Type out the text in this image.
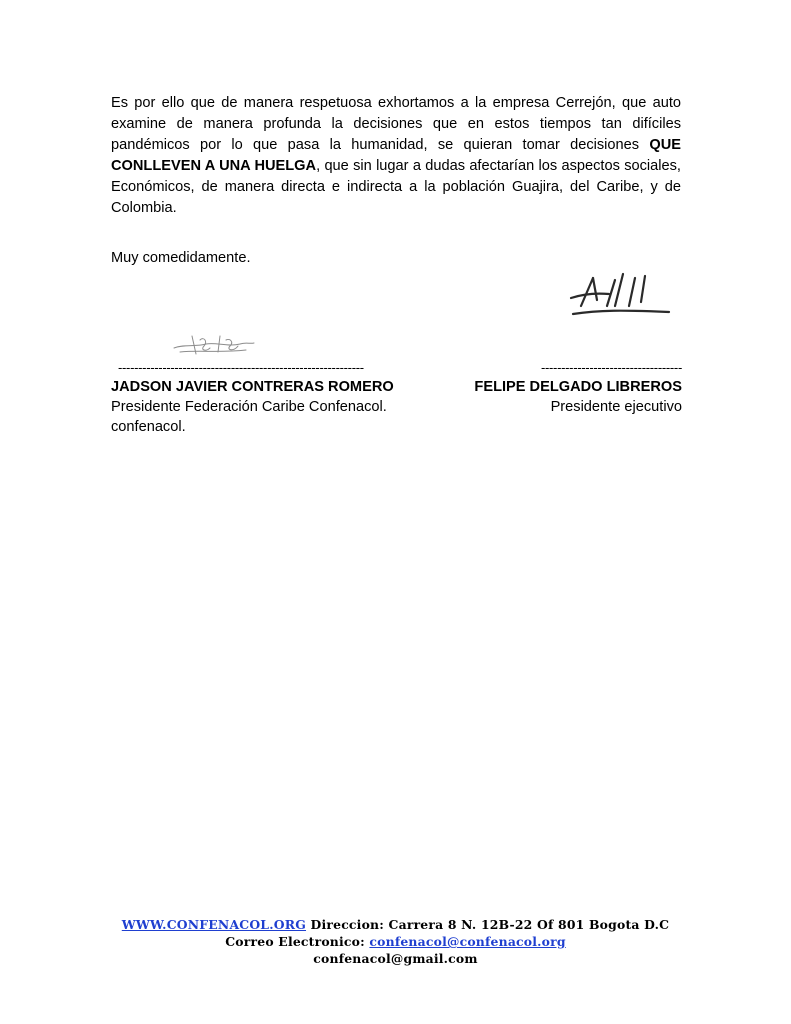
Es por ello que de manera respetuosa exhortamos a la empresa Cerrejón, que auto examine de manera profunda la decisiones que en estos tiempos tan difíciles pandémicos por lo que pasa la humanidad, se quieran tomar decisiones QUE CONLLEVEN A UNA HUELGA, que sin lugar a dudas afectarían los aspectos sociales, Económicos, de manera directa e indirecta a la población Guajira, del Caribe, y de Colombia.

Muy comedidamente.

-------------------------------------------------------------
JADSON JAVIER CONTRERAS ROMERO
Presidente Federación Caribe Confenacol.
confenacol.
-----------------------------------
FELIPE DELGADO LIBREROS
Presidente ejecutivo
WWW.CONFENACOL.ORG Direccion: Carrera 8 N. 12B-22 Of 801 Bogota D.C
Correo Electronico: confenacol@confenacol.org
confenacol@gmail.com
